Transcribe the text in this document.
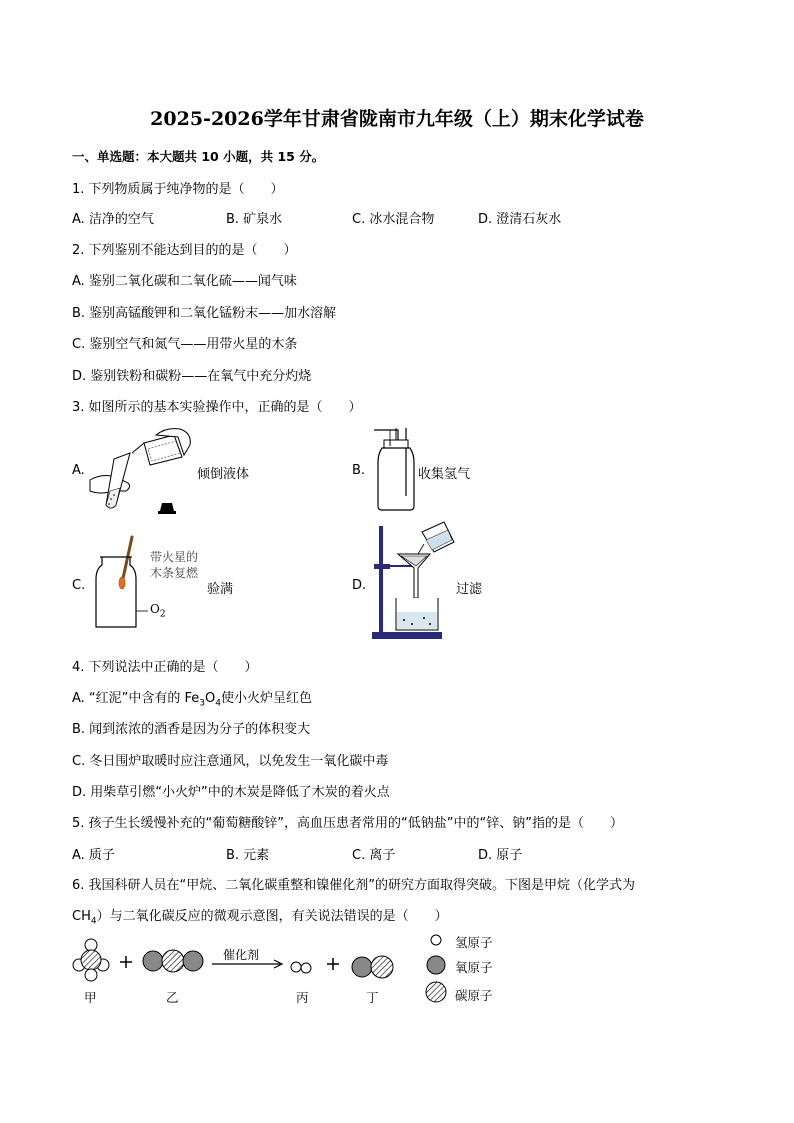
2025-2026学年甘肃省陇南市九年级（上）期末化学试卷
一、单选题：本大题共 10 小题，共 15 分。
1. 下列物质属于纯净物的是（　　）
A. 洁净的空气	B. 矿泉水	C. 冰水混合物	D. 澄清石灰水
2. 下列鉴别不能达到目的的是（　　）
A. 鉴别二氧化碳和二氧化硫——闻气味
B. 鉴别高锰酸钾和二氧化锰粉末——加水溶解
C. 鉴别空气和氮气——用带火星的木条
D. 鉴别铁粉和碳粉——在氧气中充分灼烧
3. 如图所示的基本实验操作中，正确的是（　　）
A.	倾倒液体	B.	收集氢气
C.
带火星的
木条复燃
$O_2$
验满	D.	过滤
4. 下列说法中正确的是（　　）
A. “红泥”中含有的 $Fe_3O_4$使小火炉呈红色
B. 闻到浓浓的酒香是因为分子的体积变大
C. 冬日围炉取暖时应注意通风，以免发生一氧化碳中毒
D. 用柴草引燃“小火炉”中的木炭是降低了木炭的着火点
5. 孩子生长缓慢补充的“葡萄糖酸锌”，高血压患者常用的“低钠盐”中的“锌、钠”指的是（　　）
A. 质子	B. 元素	C. 离子	D. 原子
6. 我国科研人员在“甲烷、二氧化碳重整和镍催化剂”的研究方面取得突破。下图是甲烷（化学式为
$CH_4$）与二氧化碳反应的微观示意图，有关说法错误的是（　　）
催化剂
甲	乙	丙	丁
氢原子
氧原子
碳原子
